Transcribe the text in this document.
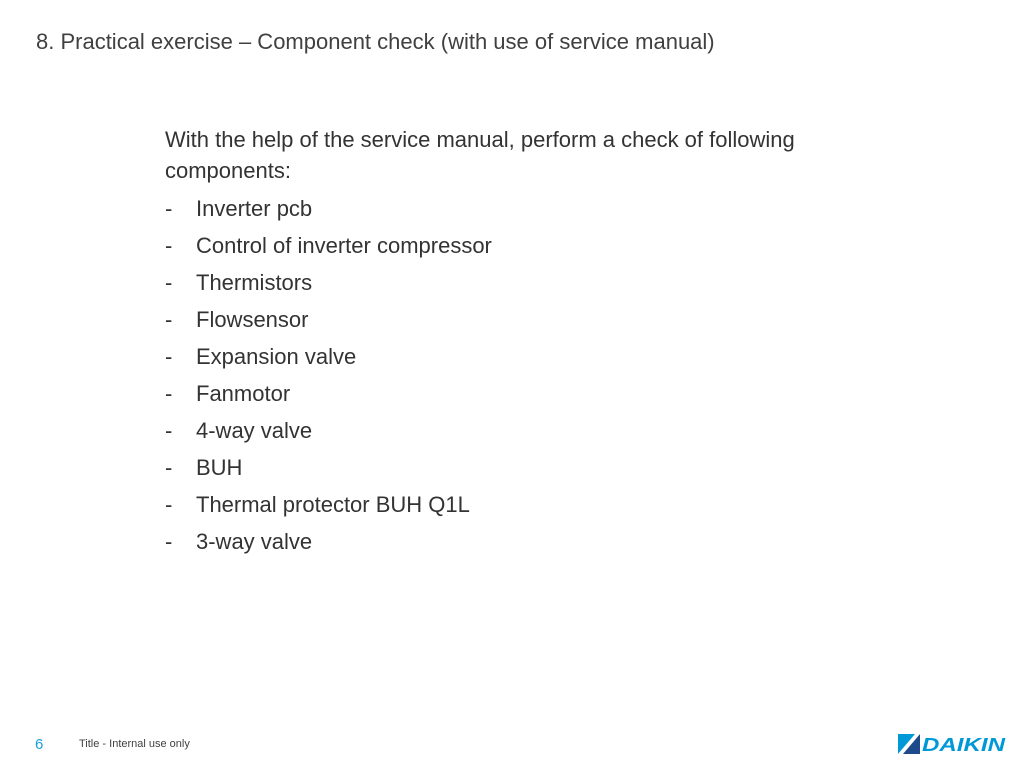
8. Practical exercise – Component check (with use of service manual)
With the help of the service manual, perform a check of following components:
-	Inverter pcb
-	Control of inverter compressor
-	Thermistors
-	Flowsensor
-	Expansion valve
-	Fanmotor
-	4-way valve
-	BUH
-	Thermal protector BUH Q1L
-	3-way valve
6	Title - Internal use only	DAIKIN
